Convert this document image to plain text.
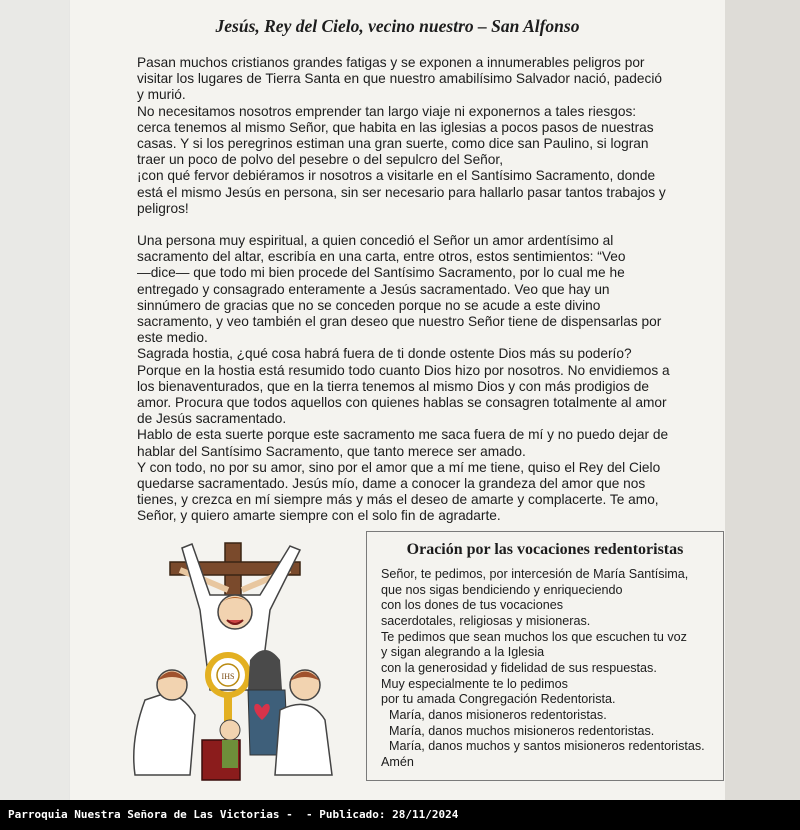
Jesús, Rey del Cielo, vecino nuestro – San Alfonso

Pasan muchos cristianos grandes fatigas y se exponen a innumerables peligros por

visitar los lugares de Tierra Santa en que nuestro amabilísimo Salvador nació, padeció

y murió.

No necesitamos nosotros emprender tan largo viaje ni exponernos a tales riesgos:

cerca tenemos al mismo Señor, que habita en las iglesias a pocos pasos de nuestras

casas. Y si los peregrinos estiman una gran suerte, como dice san Paulino, si logran

traer un poco de polvo del pesebre o del sepulcro del Señor,

¡con qué fervor debiéramos ir nosotros a visitarle en el Santísimo Sacramento, donde

está el mismo Jesús en persona, sin ser necesario para hallarlo pasar tantos trabajos y

peligros!

Una persona muy espiritual, a quien concedió el Señor un amor ardentísimo al

sacramento del altar, escribía en una carta, entre otros, estos sentimientos: “Veo

—dice— que todo mi bien procede del Santísimo Sacramento, por lo cual me he

entregado y consagrado enteramente a Jesús sacramentado. Veo que hay un

sinnúmero de gracias que no se conceden porque no se acude a este divino

sacramento, y veo también el gran deseo que nuestro Señor tiene de dispensarlas por

este medio.

Sagrada hostia, ¿qué cosa habrá fuera de ti donde ostente Dios más su poderío?

Porque en la hostia está resumido todo cuanto Dios hizo por nosotros. No envidiemos a

los bienaventurados, que en la tierra tenemos al mismo Dios y con más prodigios de

amor. Procura que todos aquellos con quienes hablas se consagren totalmente al amor

de Jesús sacramentado.

Hablo de esta suerte porque este sacramento me saca fuera de mí y no puedo dejar de

hablar del Santísimo Sacramento, que tanto merece ser amado.

Y con todo, no por su amor, sino por el amor que a mí me tiene, quiso el Rey del Cielo

quedarse sacramentado. Jesús mío, dame a conocer la grandeza del amor que nos

tienes, y crezca en mí siempre más y más el deseo de amarte y complacerte. Te amo,

Señor, y quiero amarte siempre con el solo fin de agradarte.

IHS
Oración por las vocaciones redentoristas
Señor, te pedimos, por intercesión de María Santísima,
que nos sigas bendiciendo y enriqueciendo
con los dones de tus vocaciones
sacerdotales, religiosas y misioneras.
Te pedimos que sean muchos los que escuchen tu voz
y sigan alegrando a la Iglesia
con la generosidad y fidelidad de sus respuestas.
Muy especialmente te lo pedimos
por tu amada Congregación Redentorista.
María, danos misioneros redentoristas.
María, danos muchos misioneros redentoristas.
María, danos muchos y santos misioneros redentoristas.
Amén
Parroquia Nuestra Señora de Las Victorias -  - Publicado: 28/11/2024
